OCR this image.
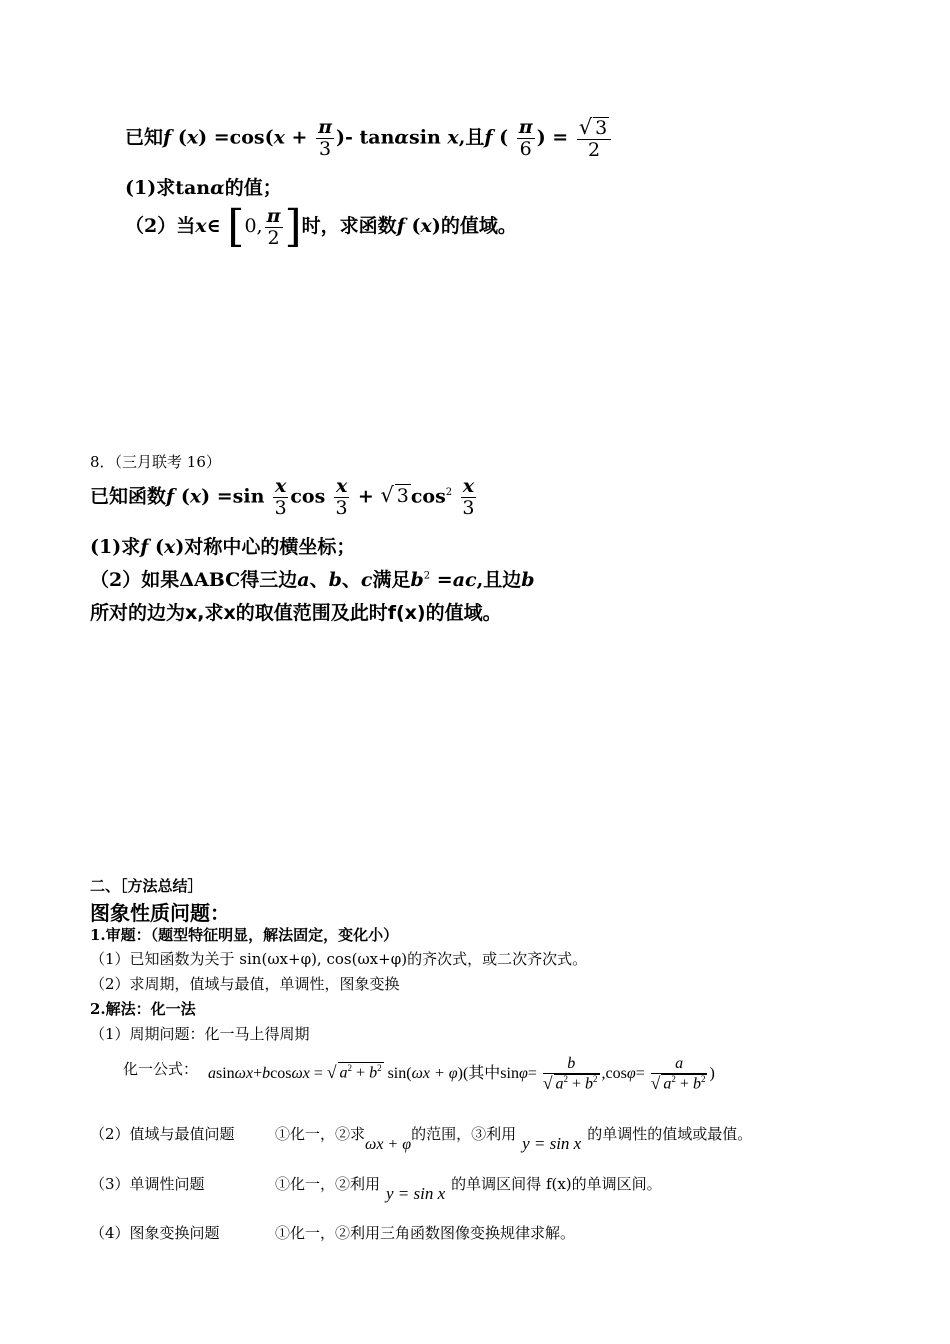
已知f $(x) =\cos(x + \frac{\pi}{3}$ )- tanαsin x,且f ( $\frac{\pi}{6}$ ) = $\frac{√ 3}{2}$
(1)求tanα的值；
（2）当x∈ [0, $\frac{\pi}{2}$ ]时，求函数f (x)的值域。
8．（三月联考 16）
已知函数f $(x) =\sin \frac{x}{3}$ $\cos \frac{x}{3}$ + √ 3 $\cos^2 \frac{x}{3}$
(1)求f (x)对称中心的横坐标；
（2）如果ΔABC得三边a、b、c满足$b^2 =ac$,且边b
所对的边为x,求x的取值范围及此时f(x)的值域。
二、［方法总结］
图象性质问题：
1.审题：（题型特征明显，解法固定，变化小）
（1）已知函数为关于 sin(ωx+φ), cos(ωx+φ)的齐次式，或二次齐次式。
（2）求周期，值域与最值，单调性，图象变换
2.解法：化一法
（1）周期问题：化一马上得周期
化一公式： asinωx+bcosωx = √ $a^2 + b^2$ sin(ωx + φ)(其中$\sin\varphi= \frac{b}{√ a^2 + b^2} ,\cos\varphi= \frac{a}{√ a^2 + b^2}$ )
（2）值域与最值问题	①化一，②求ωx + φ的范围，③利用 y = sin x 的单调性的值域或最值。
（3）单调性问题	①化一，②利用 y = sin x 的单调区间得 f(x)的单调区间。
（4）图象变换问题	①化一，②利用三角函数图像变换规律求解。
